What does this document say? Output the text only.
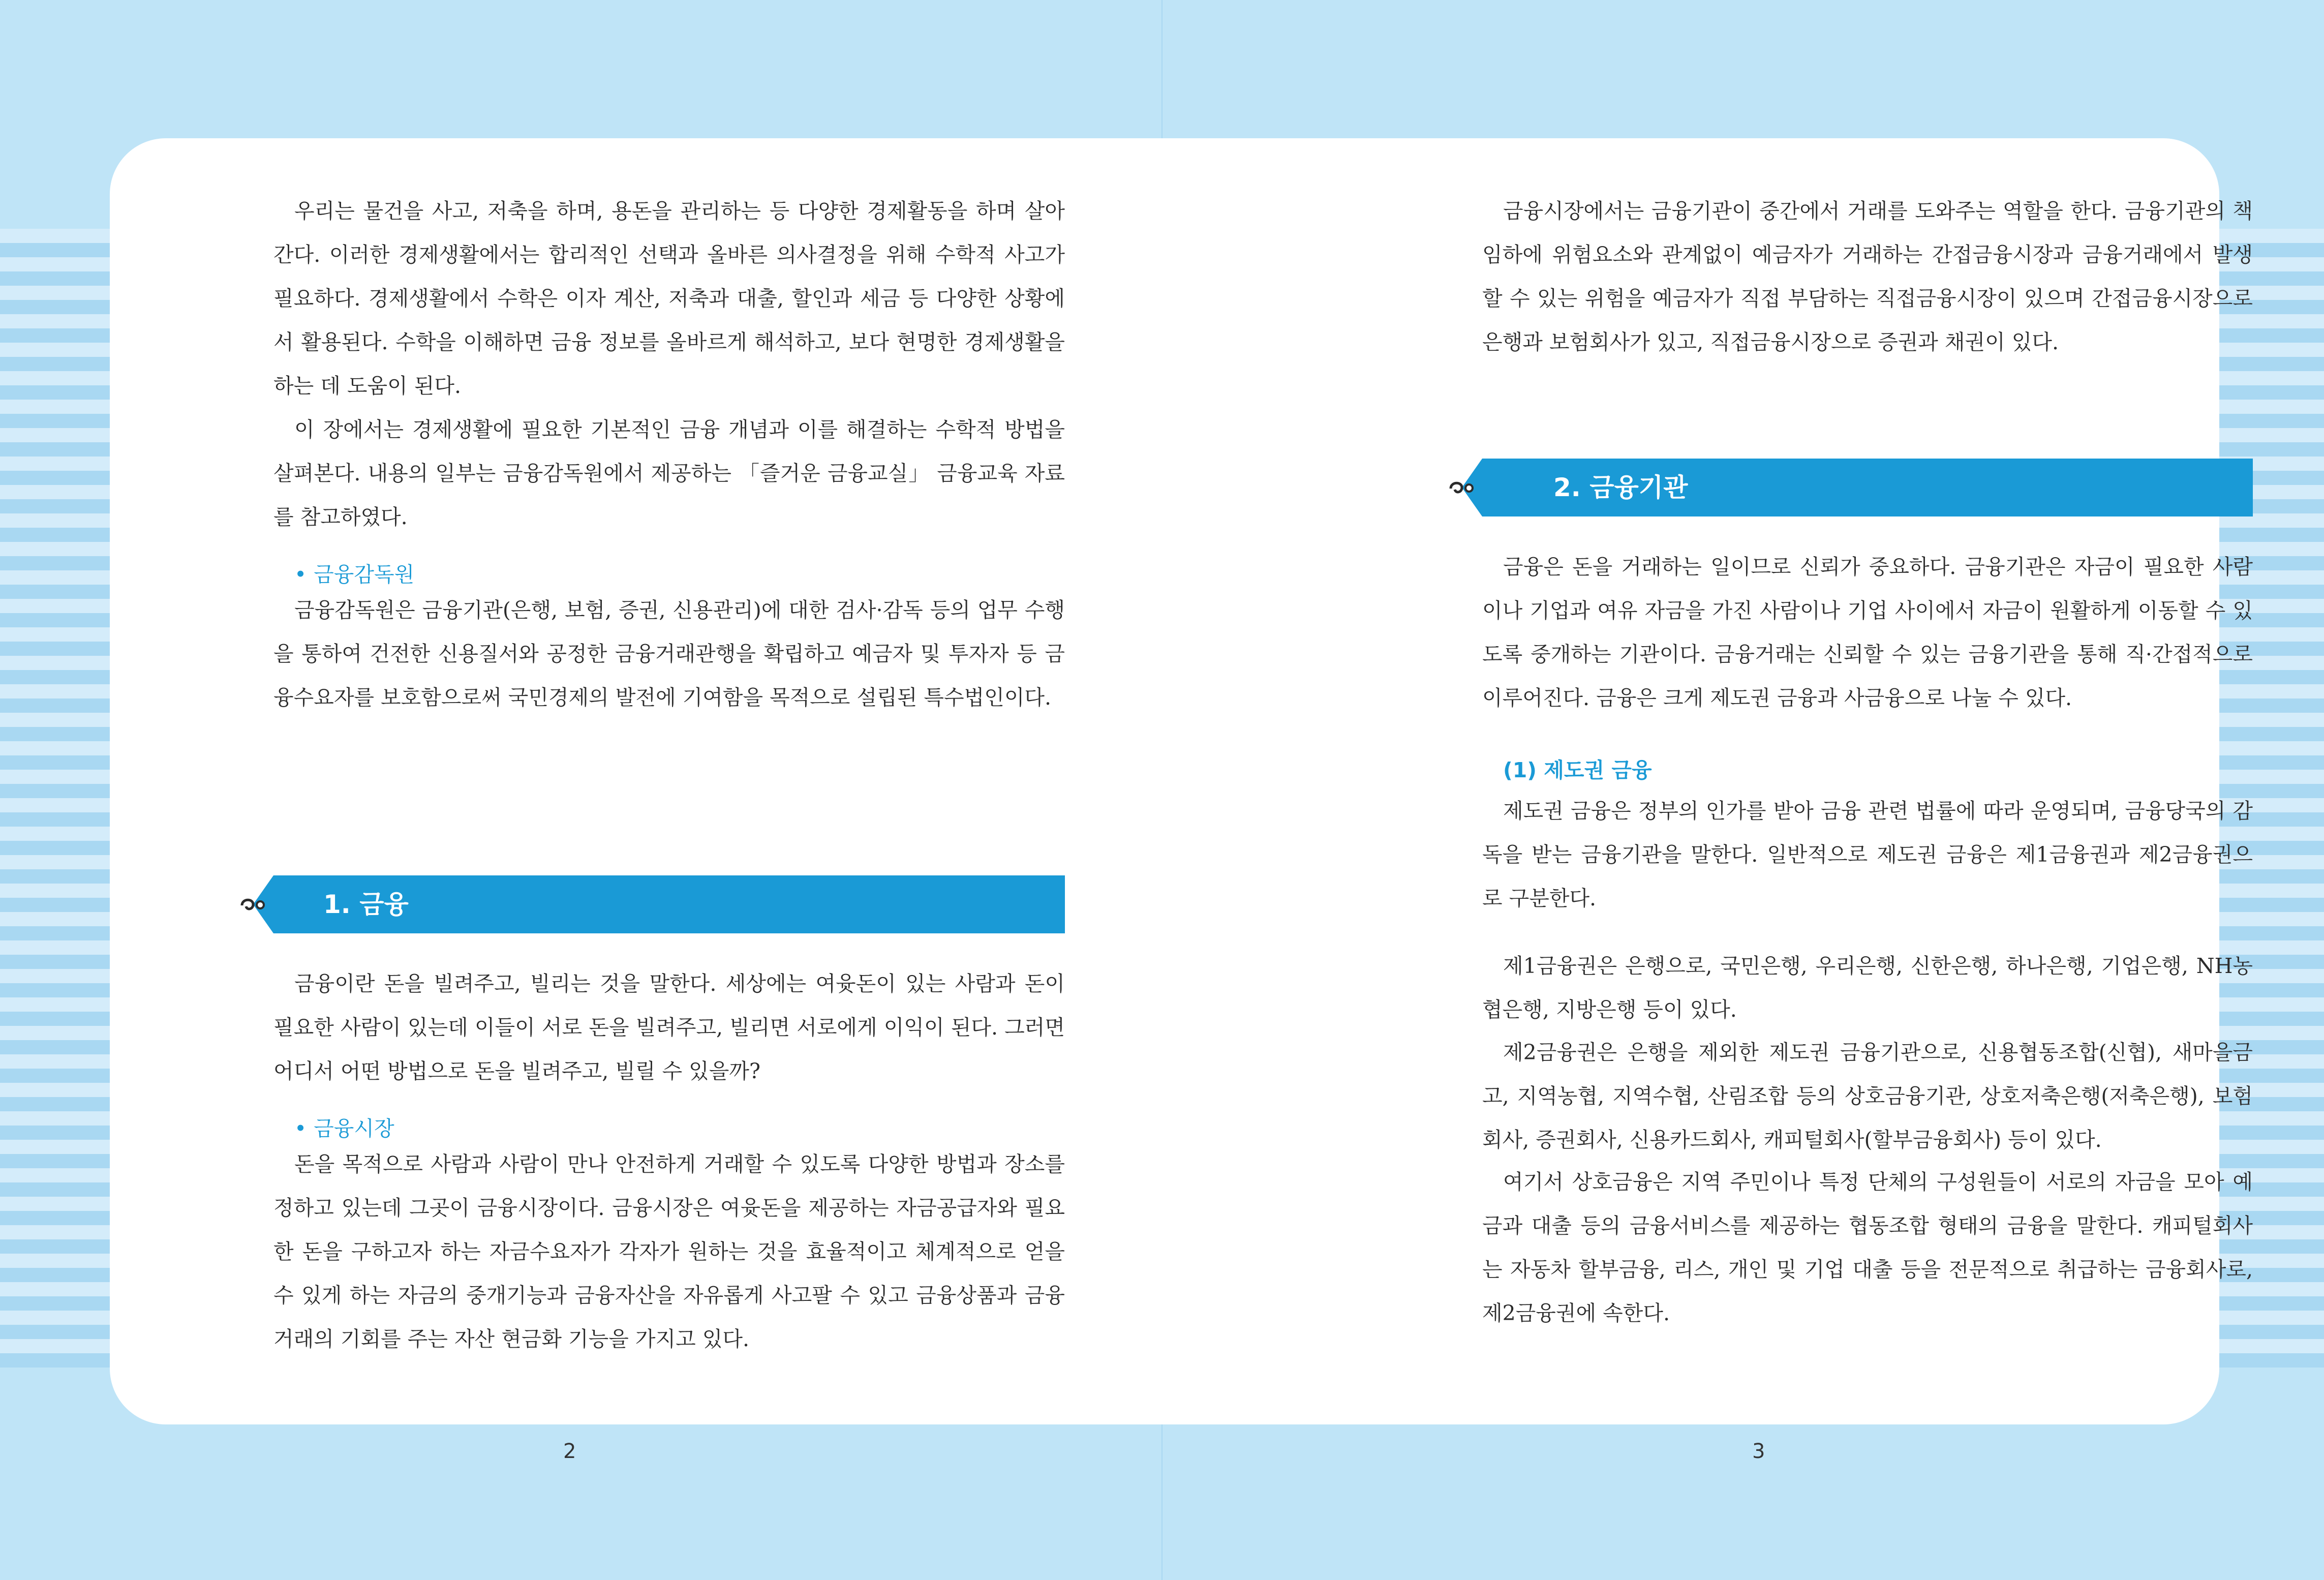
우리는 물건을 사고, 저축을 하며, 용돈을 관리하는 등 다양한 경제활동을 하며 살아간다. 이러한 경제생활에서는 합리적인 선택과 올바른 의사결정을 위해 수학적 사고가 필요하다. 경제생활에서 수학은 이자 계산, 저축과 대출, 할인과 세금 등 다양한 상황에서 활용된다. 수학을 이해하면 금융 정보를 올바르게 해석하고, 보다 현명한 경제생활을 하는 데 도움이 된다.

이 장에서는 경제생활에 필요한 기본적인 금융 개념과 이를 해결하는 수학적 방법을 살펴본다. 내용의 일부는 금융감독원에서 제공하는 「즐거운 금융교실」 금융교육 자료를 참고하였다.

• 금융감독원

금융감독원은 금융기관(은행, 보험, 증권, 신용관리)에 대한 검사·감독 등의 업무 수행을 통하여 건전한 신용질서와 공정한 금융거래관행을 확립하고 예금자 및 투자자 등 금융수요자를 보호함으로써 국민경제의 발전에 기여함을 목적으로 설립된 특수법인이다.

1. 금융

금융이란 돈을 빌려주고, 빌리는 것을 말한다. 세상에는 여윳돈이 있는 사람과 돈이 필요한 사람이 있는데 이들이 서로 돈을 빌려주고, 빌리면 서로에게 이익이 된다. 그러면 어디서 어떤 방법으로 돈을 빌려주고, 빌릴 수 있을까?

• 금융시장

돈을 목적으로 사람과 사람이 만나 안전하게 거래할 수 있도록 다양한 방법과 장소를 정하고 있는데 그곳이 금융시장이다. 금융시장은 여윳돈을 제공하는 자금공급자와 필요한 돈을 구하고자 하는 자금수요자가 각자가 원하는 것을 효율적이고 체계적으로 얻을 수 있게 하는 자금의 중개기능과 금융자산을 자유롭게 사고팔 수 있고 금융상품과 금융거래의 기회를 주는 자산 현금화 기능을 가지고 있다.

금융시장에서는 금융기관이 중간에서 거래를 도와주는 역할을 한다. 금융기관의 책임하에 위험요소와 관계없이 예금자가 거래하는 간접금융시장과 금융거래에서 발생할 수 있는 위험을 예금자가 직접 부담하는 직접금융시장이 있으며 간접금융시장으로 은행과 보험회사가 있고, 직접금융시장으로 증권과 채권이 있다.

2. 금융기관

금융은 돈을 거래하는 일이므로 신뢰가 중요하다. 금융기관은 자금이 필요한 사람이나 기업과 여유 자금을 가진 사람이나 기업 사이에서 자금이 원활하게 이동할 수 있도록 중개하는 기관이다. 금융거래는 신뢰할 수 있는 금융기관을 통해 직·간접적으로 이루어진다. 금융은 크게 제도권 금융과 사금융으로 나눌 수 있다.

(1) 제도권 금융

제도권 금융은 정부의 인가를 받아 금융 관련 법률에 따라 운영되며, 금융당국의 감독을 받는 금융기관을 말한다. 일반적으로 제도권 금융은 제1금융권과 제2금융권으로 구분한다.

제1금융권은 은행으로, 국민은행, 우리은행, 신한은행, 하나은행, 기업은행, NH농협은행, 지방은행 등이 있다.

제2금융권은 은행을 제외한 제도권 금융기관으로, 신용협동조합(신협), 새마을금고, 지역농협, 지역수협, 산림조합 등의 상호금융기관, 상호저축은행(저축은행), 보험회사, 증권회사, 신용카드회사, 캐피털회사(할부금융회사) 등이 있다.

여기서 상호금융은 지역 주민이나 특정 단체의 구성원들이 서로의 자금을 모아 예금과 대출 등의 금융서비스를 제공하는 협동조합 형태의 금융을 말한다. 캐피털회사는 자동차 할부금융, 리스, 개인 및 기업 대출 등을 전문적으로 취급하는 금융회사로, 제2금융권에 속한다.

2	3
